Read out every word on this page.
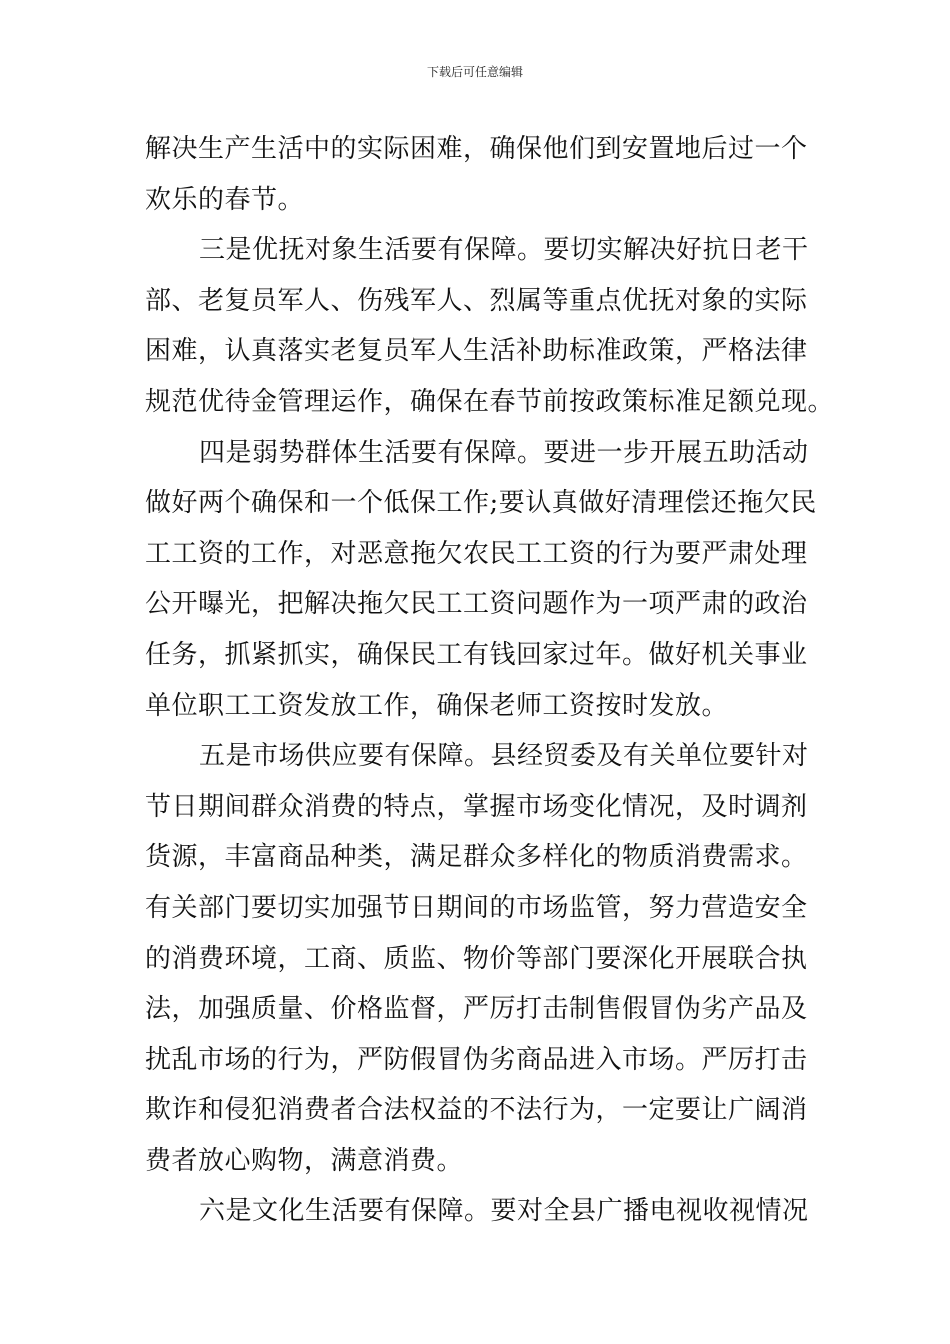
下载后可任意编辑
解决生产生活中的实际困难，确保他们到安置地后过一个
欢乐的春节。
三是优抚对象生活要有保障。要切实解决好抗日老干
部、老复员军人、伤残军人、烈属等重点优抚对象的实际
困难，认真落实老复员军人生活补助标准政策，严格法律
规范优待金管理运作，确保在春节前按政策标准足额兑现。
四是弱势群体生活要有保障。要进一步开展五助活动
做好两个确保和一个低保工作;要认真做好清理偿还拖欠民
工工资的工作，对恶意拖欠农民工工资的行为要严肃处理
公开曝光，把解决拖欠民工工资问题作为一项严肃的政治
任务，抓紧抓实，确保民工有钱回家过年。做好机关事业
单位职工工资发放工作，确保老师工资按时发放。
五是市场供应要有保障。县经贸委及有关单位要针对
节日期间群众消费的特点，掌握市场变化情况，及时调剂
货源，丰富商品种类，满足群众多样化的物质消费需求。
有关部门要切实加强节日期间的市场监管，努力营造安全
的消费环境，工商、质监、物价等部门要深化开展联合执
法，加强质量、价格监督，严厉打击制售假冒伪劣产品及
扰乱市场的行为，严防假冒伪劣商品进入市场。严厉打击
欺诈和侵犯消费者合法权益的不法行为，一定要让广阔消
费者放心购物，满意消费。
六是文化生活要有保障。要对全县广播电视收视情况
